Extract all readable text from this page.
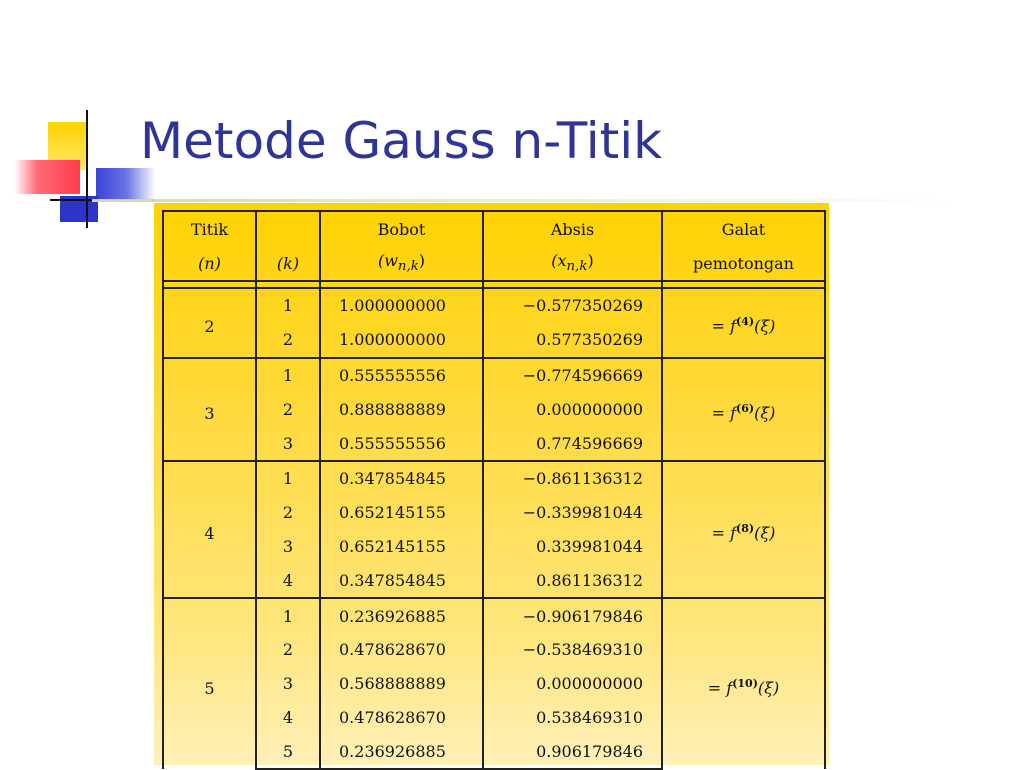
Metode Gauss n-Titik
Titik		Bobot	Absis	Galat
(n)	(k)	$(w_{n,k})$	$(x_{n,k})$	pemotongan

2	1	1.000000000	−0.577350269	= $f^{(4)}(\xi)$
	2	1.000000000	0.577350269	
3	1	0.555555556	−0.774596669	= $f^{(6)}(\xi)$
	2	0.888888889	0.000000000	
	3	0.555555556	0.774596669	
4	1	0.347854845	−0.861136312	= $f^{(8)}(\xi)$
	2	0.652145155	−0.339981044	
	3	0.652145155	0.339981044	
	4	0.347854845	0.861136312	
5	1	0.236926885	−0.906179846	= $f^{(10)}(\xi)$
	2	0.478628670	−0.538469310	
	3	0.568888889	0.000000000	
	4	0.478628670	0.538469310	
	5	0.236926885	0.906179846	
